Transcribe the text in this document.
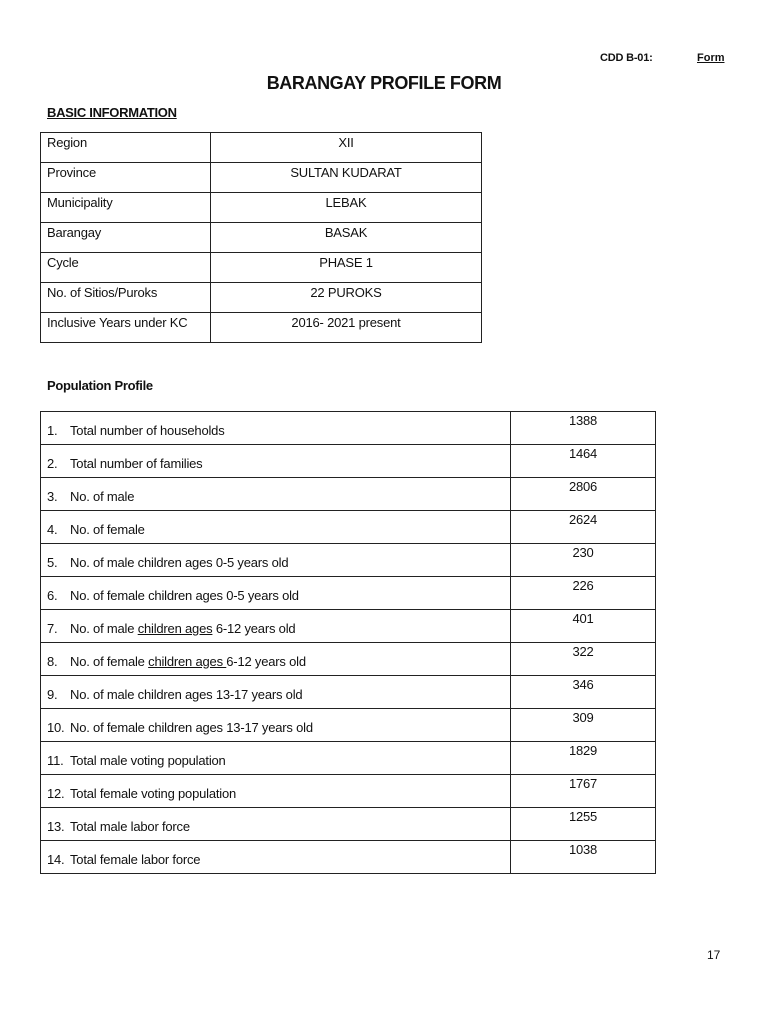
CDD B-01:	Form
BARANGAY PROFILE FORM
BASIC INFORMATION
Region	XII
Province	SULTAN KUDARAT
Municipality	LEBAK
Barangay	BASAK
Cycle	PHASE 1
No. of Sitios/Puroks	22 PUROKS
Inclusive Years under KC	2016- 2021 present
Population Profile
1. Total number of households	1388
2. Total number of families	1464
3. No. of male	2806
4. No. of female	2624
5. No. of male children ages 0-5 years old	230
6. No. of female children ages 0-5 years old	226
7. No. of male children ages 6-12 years old	401
8. No. of female children ages 6-12 years old	322
9. No. of male children ages 13-17 years old	346
10. No. of female children ages 13-17 years old	309
11. Total male voting population	1829
12. Total female voting population	1767
13. Total male labor force	1255
14. Total female labor force	1038
17
